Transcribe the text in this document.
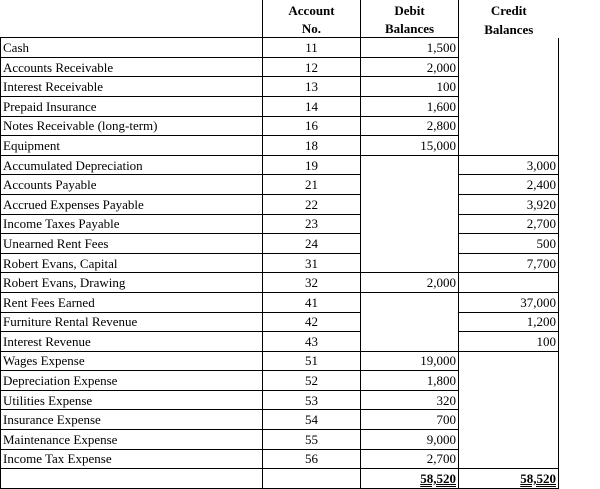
	Account	Debit	Credit
	No.	Balances	Balances
Cash	11	1,500	
Accounts Receivable	12	2,000	
Interest Receivable	13	100	
Prepaid Insurance	14	1,600	
Notes Receivable (long-term)	16	2,800	
Equipment	18	15,000	
Accumulated Depreciation	19		3,000
Accounts Payable	21		2,400
Accrued Expenses Payable	22		3,920
Income Taxes Payable	23		2,700
Unearned Rent Fees	24		500
Robert Evans, Capital	31		7,700
Robert Evans, Drawing	32	2,000	
Rent Fees Earned	41		37,000
Furniture Rental Revenue	42		1,200
Interest Revenue	43		100
Wages Expense	51	19,000	
Depreciation Expense	52	1,800	
Utilities Expense	53	320	
Insurance Expense	54	700	
Maintenance Expense	55	9,000	
Income Tax Expense	56	2,700	
		58,520	58,520
